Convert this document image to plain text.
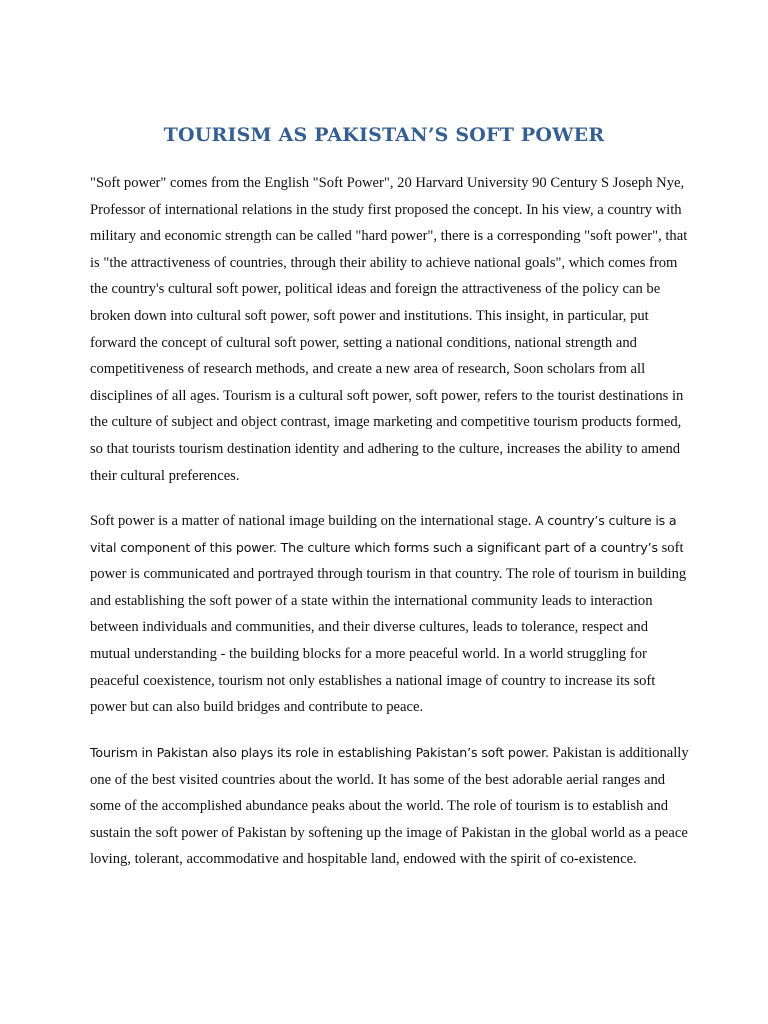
TOURISM AS PAKISTAN’S SOFT POWER

"Soft power" comes from the English "Soft Power", 20 Harvard University 90 Century S Joseph Nye, Professor of international relations in the study first proposed the concept. In his view, a country with military and economic strength can be called "hard power", there is a corresponding "soft power", that is "the attractiveness of countries, through their ability to achieve national goals", which comes from the country's cultural soft power, political ideas and foreign the attractiveness of the policy can be broken down into cultural soft power, soft power and institutions. This insight, in particular, put forward the concept of cultural soft power, setting a national conditions, national strength and competitiveness of research methods, and create a new area of research, Soon scholars from all disciplines of all ages. Tourism is a cultural soft power, soft power, refers to the tourist destinations in the culture of subject and object contrast, image marketing and competitive tourism products formed, so that tourists tourism destination identity and adhering to the culture, increases the ability to amend their cultural preferences.

Soft power is a matter of national image building on the international stage. A country’s culture is a vital component of this power. The culture which forms such a significant part of a country’s soft power is communicated and portrayed through tourism in that country. The role of tourism in building and establishing the soft power of a state within the international community leads to interaction between individuals and communities, and their diverse cultures, leads to tolerance, respect and mutual understanding - the building blocks for a more peaceful world. In a world struggling for peaceful coexistence, tourism not only establishes a national image of country to increase its soft power but can also build bridges and contribute to peace.

Tourism in Pakistan also plays its role in establishing Pakistan’s soft power. Pakistan is additionally one of the best visited countries about the world. It has some of the best adorable aerial ranges and some of the accomplished abundance peaks about the world. The role of tourism is to establish and sustain the soft power of Pakistan by softening up the image of Pakistan in the global world as a peace loving, tolerant, accommodative and hospitable land, endowed with the spirit of co-existence.
